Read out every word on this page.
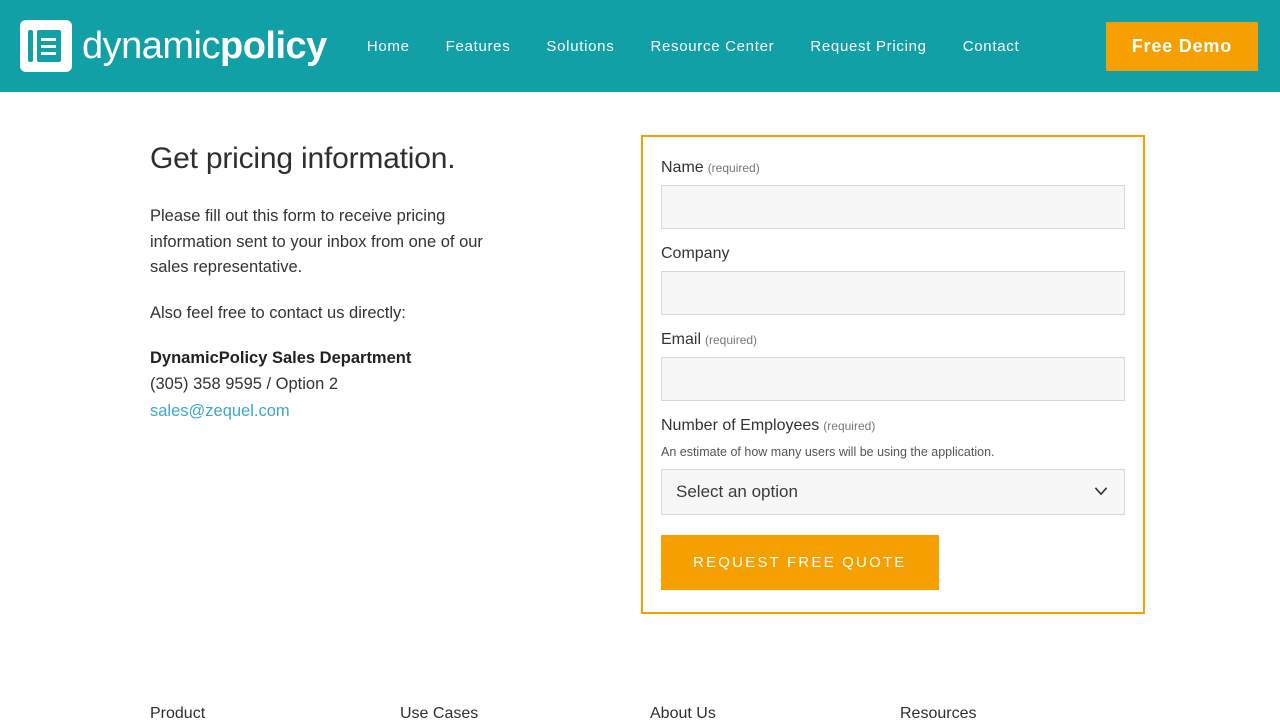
dynamicpolicy	Home	Features	Solutions	Resource Center	Request Pricing	Contact	Free Demo
Get pricing information.

Please fill out this form to receive pricing information sent to your inbox from one of our sales representative.

Also feel free to contact us directly:

DynamicPolicy Sales Department

(305) 358 9595 / Option 2

sales@zequel.com
Name (required)
Company
Email (required)
Number of Employees (required)
An estimate of how many users will be using the application.
Select an option
REQUEST FREE QUOTE
Product	Use Cases	About Us	Resources
